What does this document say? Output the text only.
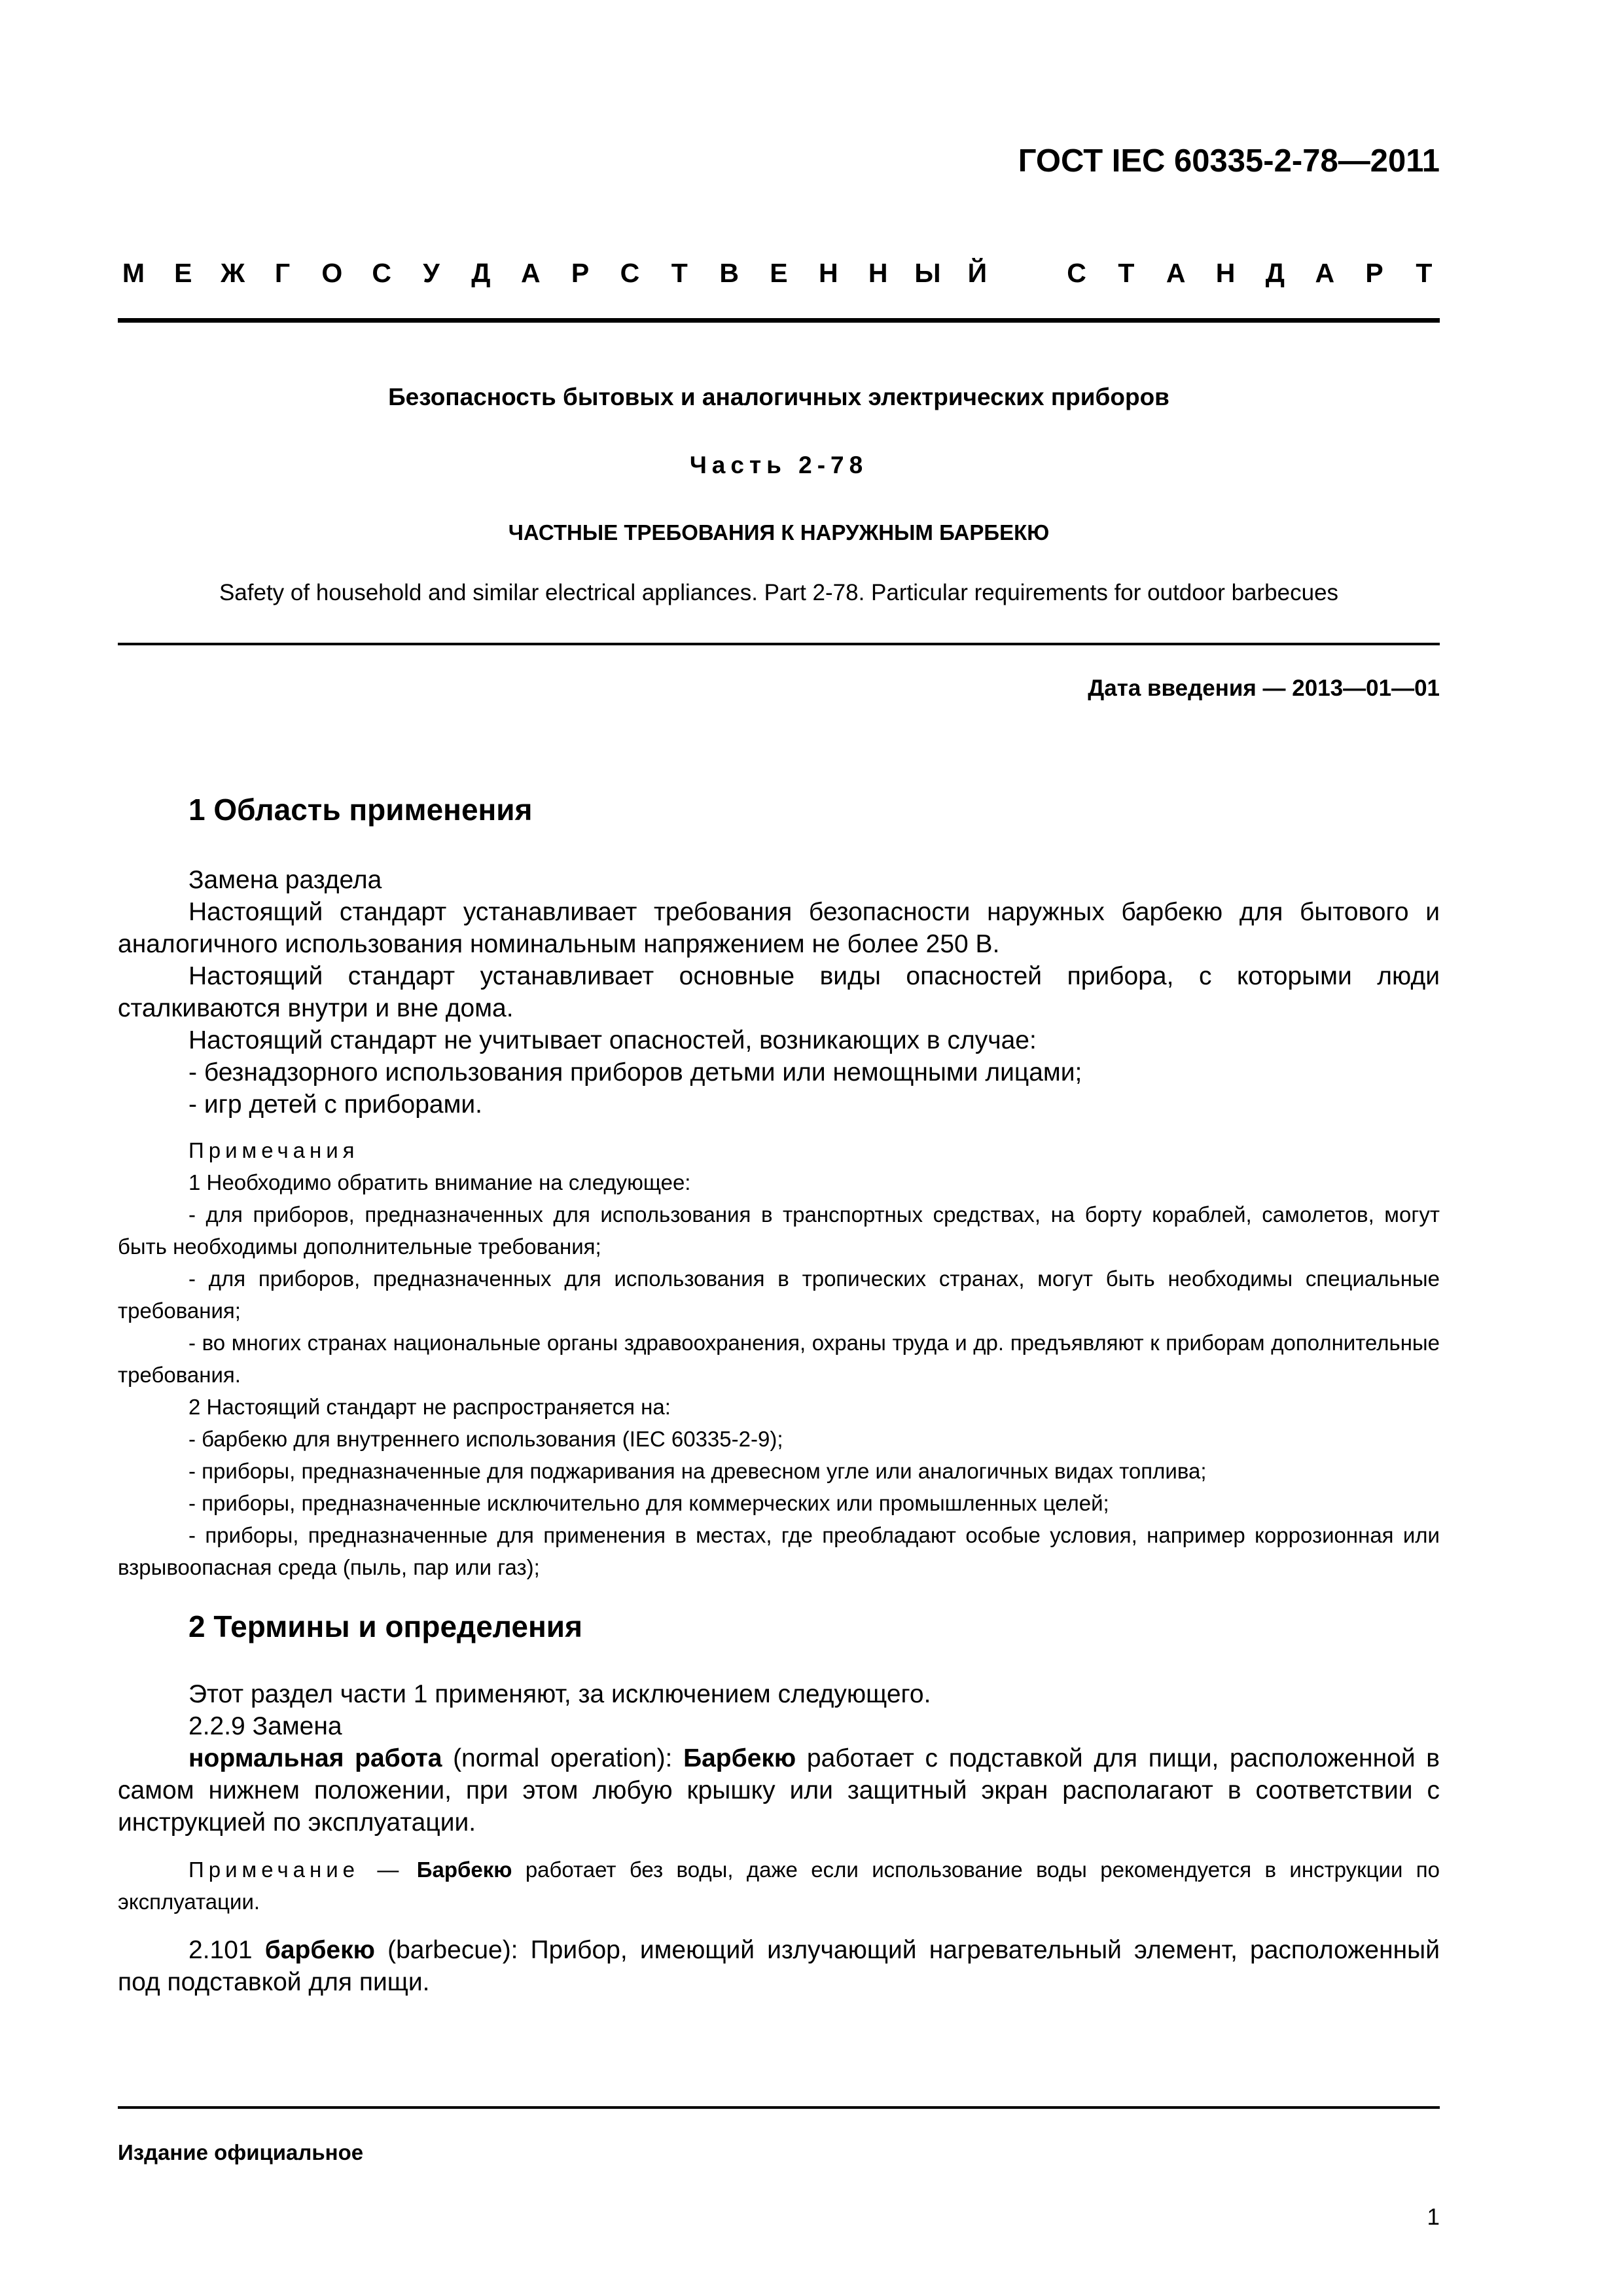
ГОСТ IEC 60335-2-78—2011
М Е Ж	Г	О С У Д А Р С Т В Е Н Н Ы Й	С Т А Н Д А Р Т
Безопасность бытовых и аналогичных электрических приборов
Часть 2-78
ЧАСТНЫЕ ТРЕБОВАНИЯ К НАРУЖНЫМ БАРБЕКЮ
Safety of household and similar electrical appliances. Part 2-78. Particular requirements for outdoor barbecues
Дата введения — 2013—01—01
1 Область применения
Замена раздела
Настоящий стандарт устанавливает требования безопасности наружных барбекю для бытового и аналогичного использования номинальным напряжением не более 250 В.
Настоящий стандарт устанавливает основные виды опасностей прибора, с которыми люди сталкиваются внутри и вне дома.
Настоящий стандарт не учитывает опасностей, возникающих в случае:
- безнадзорного использования приборов детьми или немощными лицами;
- игр детей с приборами.
Примечания
1 Необходимо обратить внимание на следующее:
- для приборов, предназначенных для использования в транспортных средствах, на борту кораблей, самолетов, могут быть необходимы дополнительные требования;
- для приборов, предназначенных для использования в тропических странах, могут быть необходимы специальные требования;
- во многих странах национальные органы здравоохранения, охраны труда и др. предъявляют к приборам дополнительные требования.
2 Настоящий стандарт не распространяется на:
- барбекю для внутреннего использования (IEC 60335-2-9);
- приборы, предназначенные для поджаривания на древесном угле или аналогичных видах топлива;
- приборы, предназначенные исключительно для коммерческих или промышленных целей;
- приборы, предназначенные для применения в местах, где преобладают особые условия, например коррозионная или взрывоопасная среда (пыль, пар или газ);
2 Термины и определения
Этот раздел части 1 применяют, за исключением следующего.
2.2.9 Замена
нормальная работа (normal operation): Барбекю работает с подставкой для пищи, расположенной в самом нижнем положении, при этом любую крышку или защитный экран располагают в соответствии с инструкцией по эксплуатации.
Примечание — Барбекю работает без воды, даже если использование воды рекомендуется в инструкции по эксплуатации.
2.101 барбекю (barbecue): Прибор, имеющий излучающий нагревательный элемент, расположенный под подставкой для пищи.
Издание официальное
1
